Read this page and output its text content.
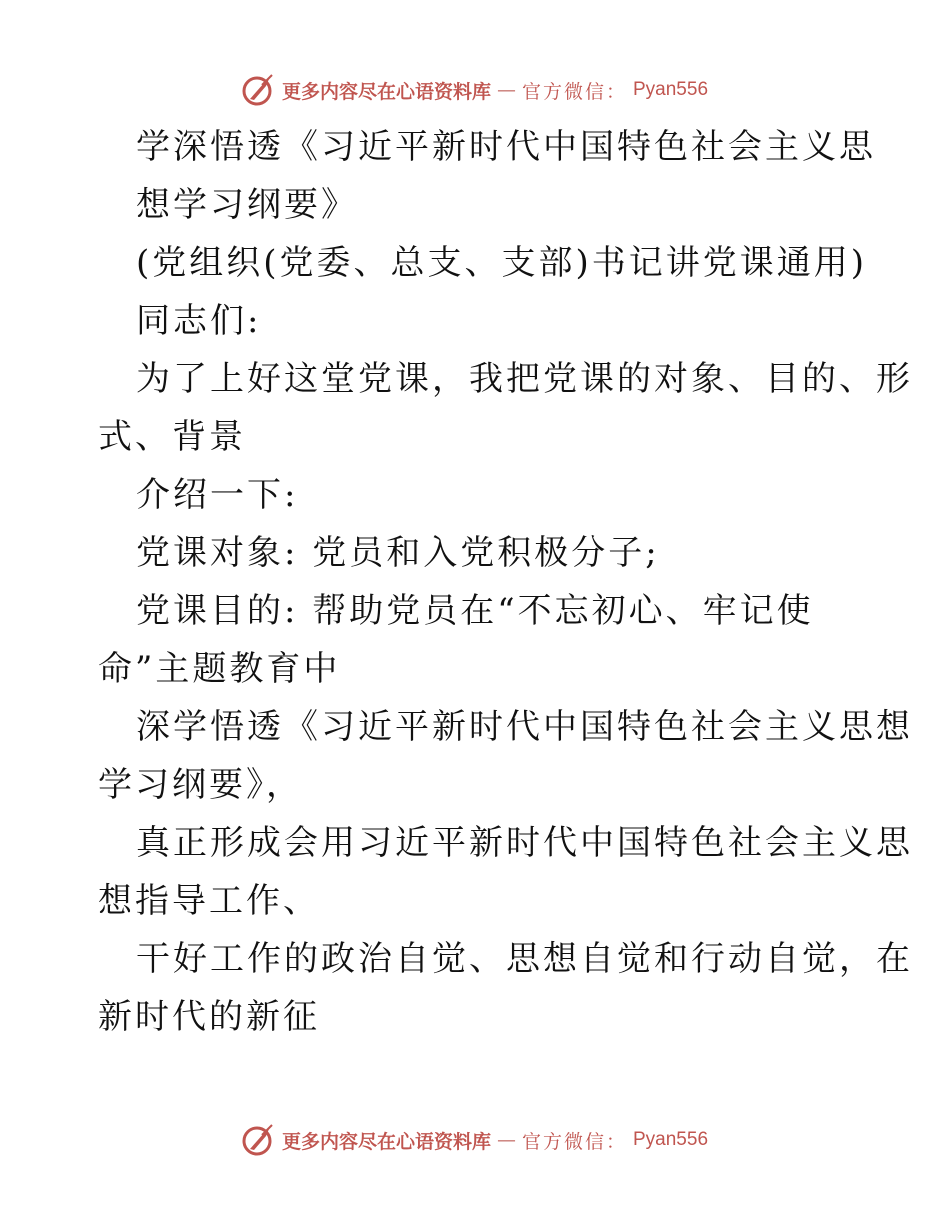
更多内容尽在心语资料库 — 官方微信： Pyan556
学深悟透《习近平新时代中国特色社会主义思
想学习纲要》
(党组织(党委、总支、支部)书记讲党课通用)
同志们:
为了上好这堂党课，我把党课的对象、目的、形
式、背景
介绍一下:
党课对象: 党员和入党积极分子;
党课目的: 帮助党员在“不忘初心、牢记使
命”主题教育中
深学悟透《习近平新时代中国特色社会主义思想
学习纲要》，
真正形成会用习近平新时代中国特色社会主义思
想指导工作、
干好工作的政治自觉、思想自觉和行动自觉，在
新时代的新征
更多内容尽在心语资料库 — 官方微信： Pyan556
